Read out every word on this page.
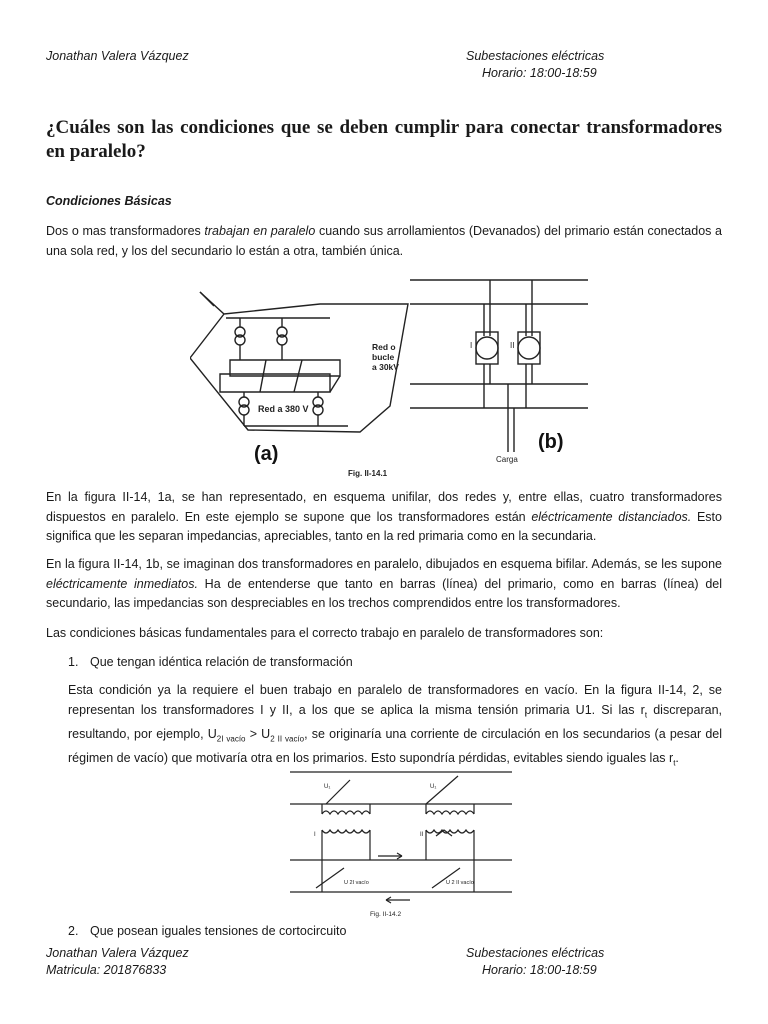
Jonathan Valera Vázquez	Subestaciones eléctricas
Horario: 18:00-18:59
¿Cuáles son las condiciones que se deben cumplir para conectar transformadores en paralelo?
Condiciones Básicas
Dos o mas transformadores trabajan en paralelo cuando sus arrollamientos (Devanados) del primario están conectados a una sola red, y los del secundario lo están a otra, también única.
Red o
bucle
a 30kV
Red a 380 V
(a)
(b)
Carga
I	II
Fig. II-14.1
En la figura II-14, 1a, se han representado, en esquema unifilar, dos redes y, entre ellas, cuatro transformadores dispuestos en paralelo. En este ejemplo se supone que los transformadores están eléctricamente distanciados. Esto significa que les separan impedancias, apreciables, tanto en la red primaria como en la secundaria.
En la figura II-14, 1b, se imaginan dos transformadores en paralelo, dibujados en esquema bifilar. Además, se les supone eléctricamente inmediatos. Ha de entenderse que tanto en barras (línea) del primario, como en barras (línea) del secundario, las impedancias son despreciables en los trechos comprendidos entre los transformadores.
Las condiciones básicas fundamentales para el correcto trabajo en paralelo de transformadores son:
1. Que tengan idéntica relación de transformación
Esta condición ya la requiere el buen trabajo en paralelo de transformadores en vacío. En la figura II-14, 2, se representan los transformadores I y II, a los que se aplica la misma tensión primaria U1. Si las $r_t$ discreparan, resultando, por ejemplo, $U_{2I vacío} > U_{2 II vacío}$, se originaría una corriente de circulación en los secundarios (a pesar del régimen de vacío) que motivaría otra en los primarios. Esto supondría pérdidas, evitables siendo iguales las $r_t$.
U₁	U₁
I	II
U 2I vacío	U 2 II vacío
Fig. II-14.2
2. Que posean iguales tensiones de cortocircuito
Jonathan Valera Vázquez
Matricula: 201876833
Subestaciones eléctricas
Horario: 18:00-18:59
